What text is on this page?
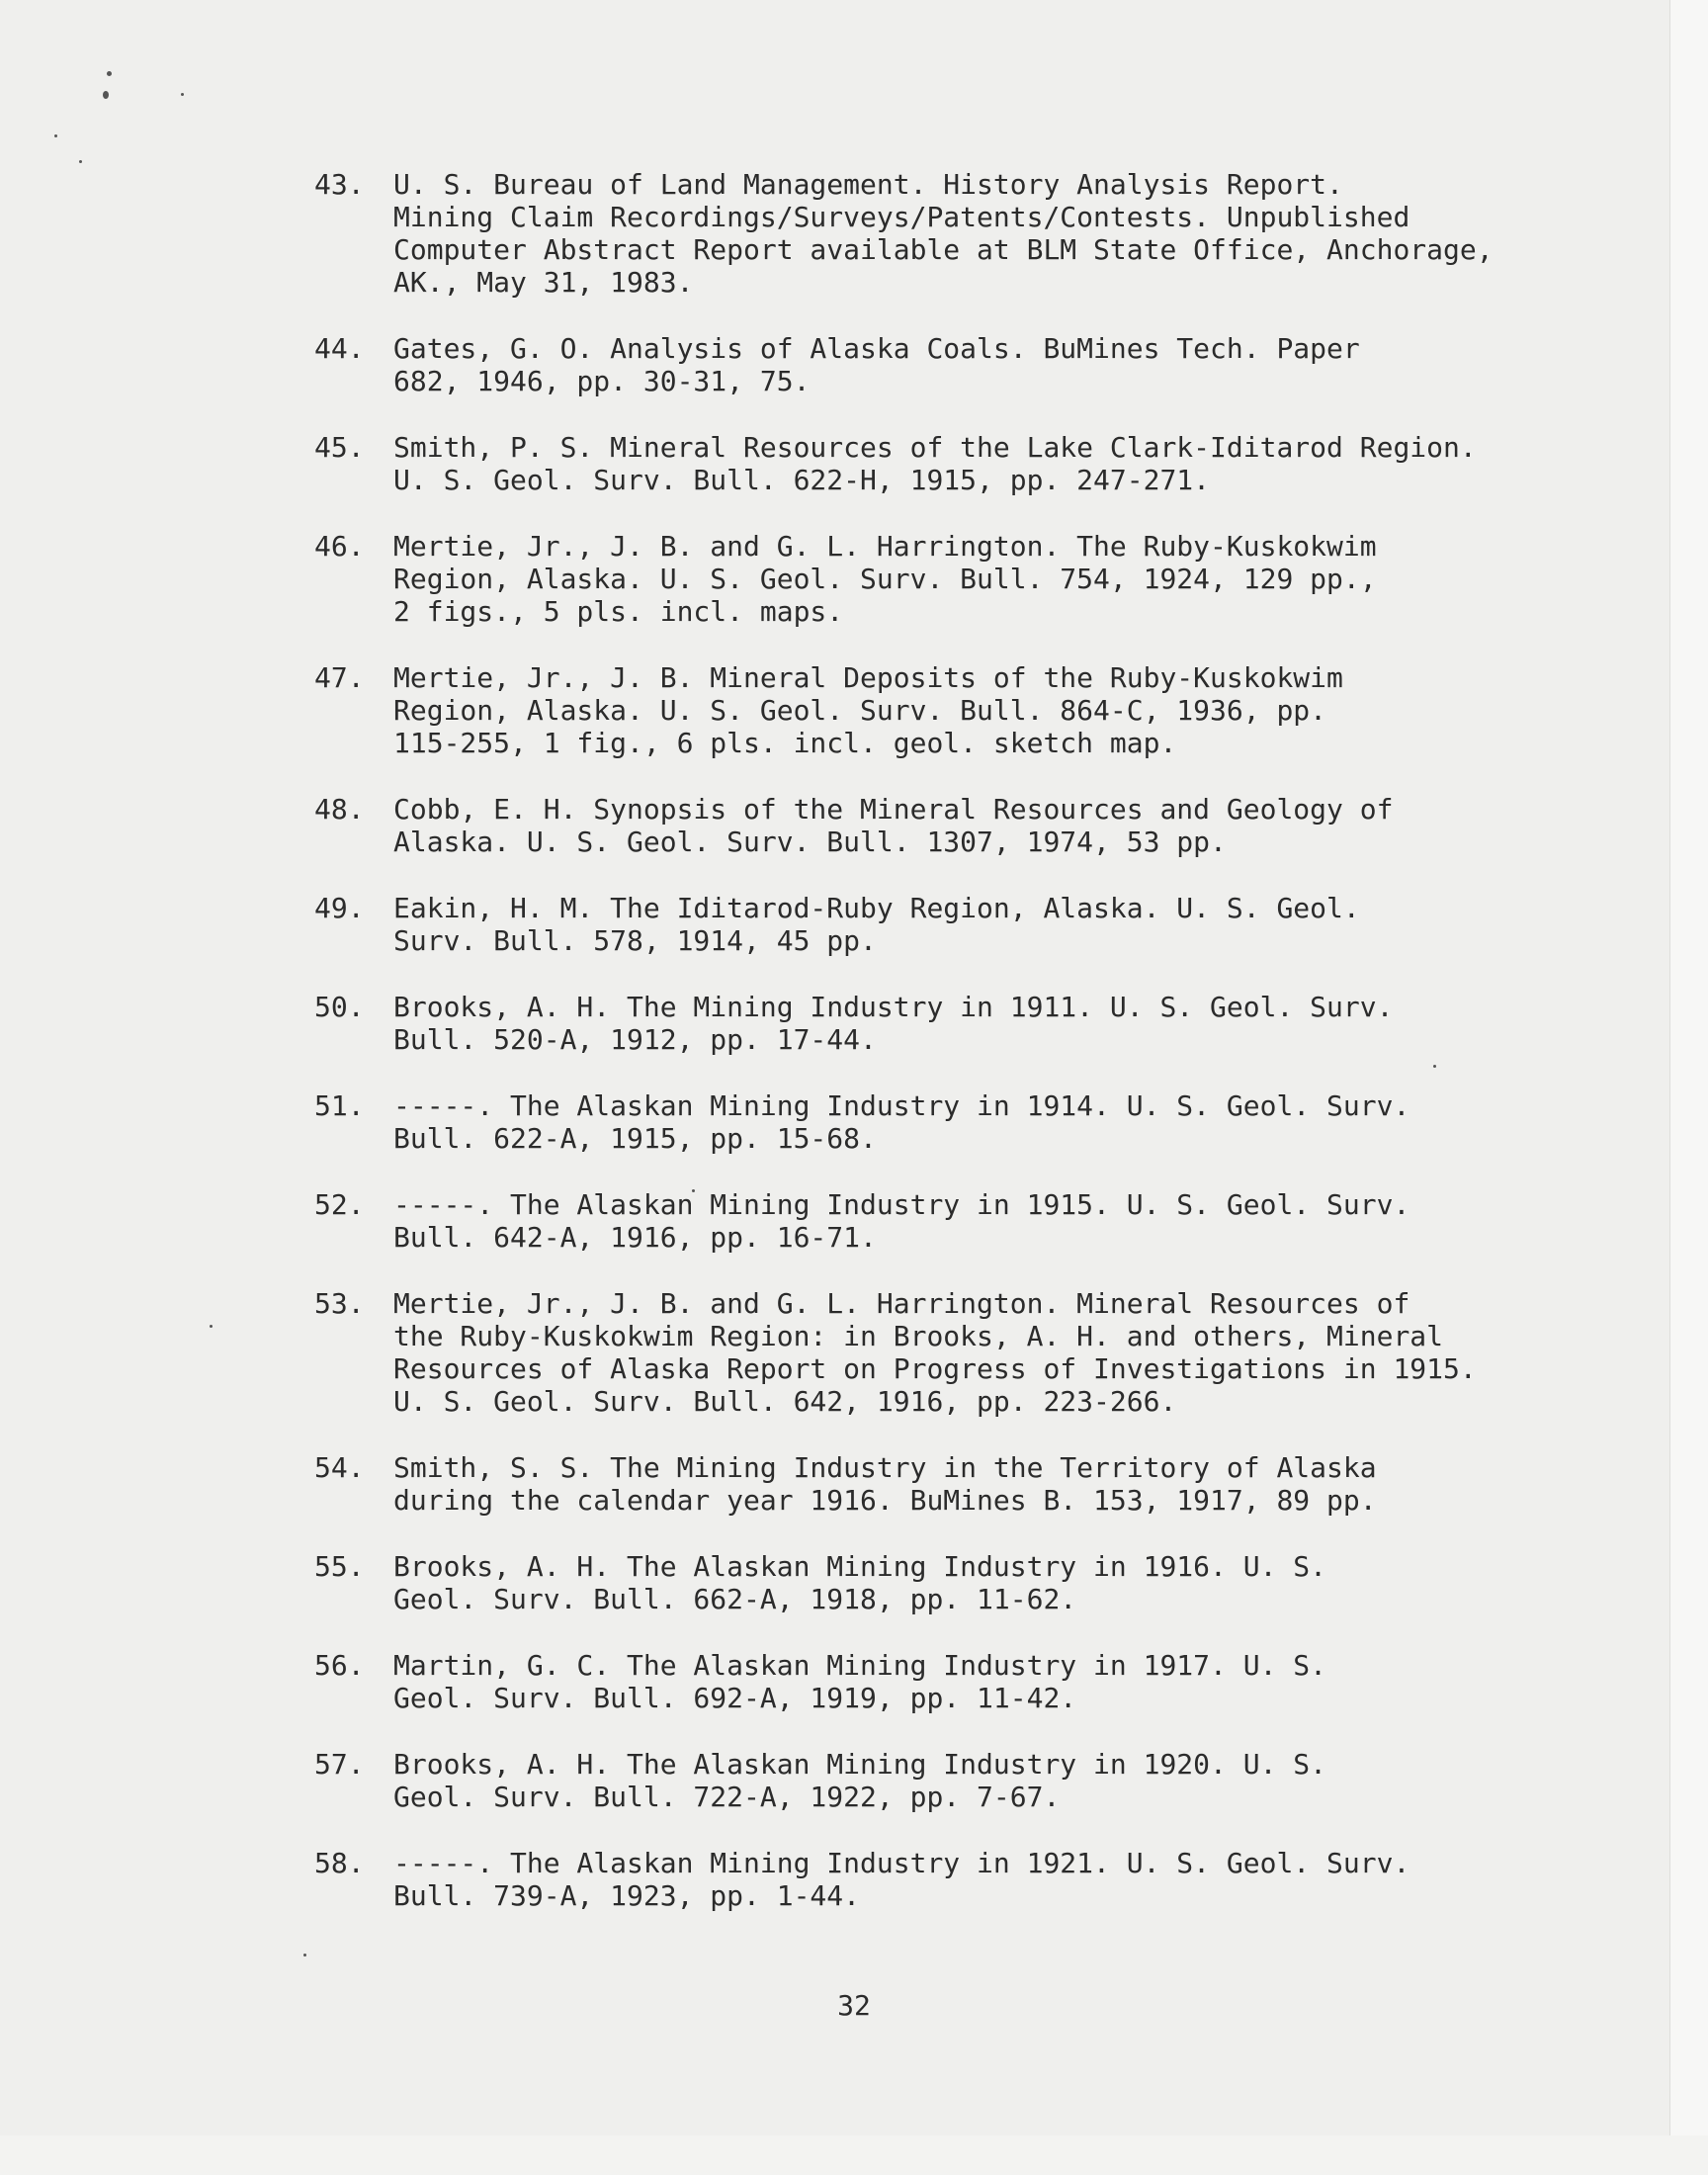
43.	U. S. Bureau of Land Management. History Analysis Report.
Mining Claim Recordings/Surveys/Patents/Contests. Unpublished
Computer Abstract Report available at BLM State Office, Anchorage,
AK., May 31, 1983.
44.	Gates, G. O. Analysis of Alaska Coals. BuMines Tech. Paper
682, 1946, pp. 30-31, 75.
45.	Smith, P. S. Mineral Resources of the Lake Clark-Iditarod Region.
U. S. Geol. Surv. Bull. 622-H, 1915, pp. 247-271.
46.	Mertie, Jr., J. B. and G. L. Harrington. The Ruby-Kuskokwim
Region, Alaska. U. S. Geol. Surv. Bull. 754, 1924, 129 pp.,
2 figs., 5 pls. incl. maps.
47.	Mertie, Jr., J. B. Mineral Deposits of the Ruby-Kuskokwim
Region, Alaska. U. S. Geol. Surv. Bull. 864-C, 1936, pp.
115-255, 1 fig., 6 pls. incl. geol. sketch map.
48.	Cobb, E. H. Synopsis of the Mineral Resources and Geology of
Alaska. U. S. Geol. Surv. Bull. 1307, 1974, 53 pp.
49.	Eakin, H. M. The Iditarod-Ruby Region, Alaska. U. S. Geol.
Surv. Bull. 578, 1914, 45 pp.
50.	Brooks, A. H. The Mining Industry in 1911. U. S. Geol. Surv.
Bull. 520-A, 1912, pp. 17-44.
51.	-----. The Alaskan Mining Industry in 1914. U. S. Geol. Surv.
Bull. 622-A, 1915, pp. 15-68.
52.	-----. The Alaskan Mining Industry in 1915. U. S. Geol. Surv.
Bull. 642-A, 1916, pp. 16-71.
53.	Mertie, Jr., J. B. and G. L. Harrington. Mineral Resources of
the Ruby-Kuskokwim Region: in Brooks, A. H. and others, Mineral
Resources of Alaska Report on Progress of Investigations in 1915.
U. S. Geol. Surv. Bull. 642, 1916, pp. 223-266.
54.	Smith, S. S. The Mining Industry in the Territory of Alaska
during the calendar year 1916. BuMines B. 153, 1917, 89 pp.
55.	Brooks, A. H. The Alaskan Mining Industry in 1916. U. S.
Geol. Surv. Bull. 662-A, 1918, pp. 11-62.
56.	Martin, G. C. The Alaskan Mining Industry in 1917. U. S.
Geol. Surv. Bull. 692-A, 1919, pp. 11-42.
57.	Brooks, A. H. The Alaskan Mining Industry in 1920. U. S.
Geol. Surv. Bull. 722-A, 1922, pp. 7-67.
58.	-----. The Alaskan Mining Industry in 1921. U. S. Geol. Surv.
Bull. 739-A, 1923, pp. 1-44.
32
